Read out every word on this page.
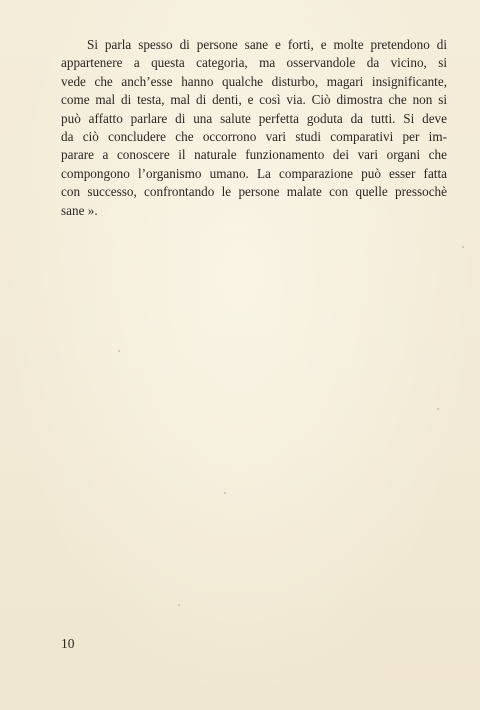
Si parla spesso di persone sane e forti, e molte pretendono di
appartenere a questa categoria, ma osservandole da vicino, si
vede che anch’esse hanno qualche disturbo, magari insignificante,
come mal di testa, mal di denti, e così via. Ciò dimostra che non si
può affatto parlare di una salute perfetta goduta da tutti. Si deve
da ciò concludere che occorrono vari studi comparativi per im-
parare a conoscere il naturale funzionamento dei vari organi che
compongono l’organismo umano. La comparazione può esser fatta
con successo, confrontando le persone malate con quelle pressochè
sane ».
10
